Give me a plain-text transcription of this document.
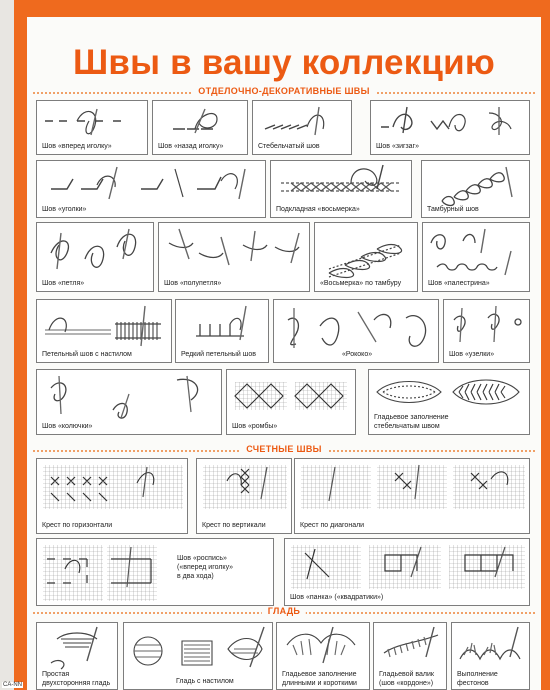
Швы в вашу коллекцию
ОТДЕЛОЧНО-ДЕКОРАТИВНЫЕ ШВЫ
Шов «вперед иголку»	Шов «назад иголку»	Стебельчатый шов	Шов «зигзаг»
Шов «уголки»	Подкладная «восьмерка»	Тамбурный шов
Шов «петля»	Шов «полупетля»	«Восьмерка» по тамбуру	Шов «палестрина»
Петельный шов с настилом	Редкий петельный шов	«Рококо»	Шов «узелки»
Шов «колючки»	Шов «ромбы»
Гладьевое заполнение
стебельчатым швом
СЧЕТНЫЕ ШВЫ
Крест по горизонтали	Крест по вертикали	Крест по диагонали
Шов «роспись»
(«вперед иголку»
в два хода)
Шов «панка» («квадратики»)
ГЛАДЬ
Простая
двухсторонняя гладь	Гладь с настилом
Гладьевое заполнение
длинными и короткими
Гладьевой валик
(шов «кордоне»)
Выполнение
фестонов
CA-NN
